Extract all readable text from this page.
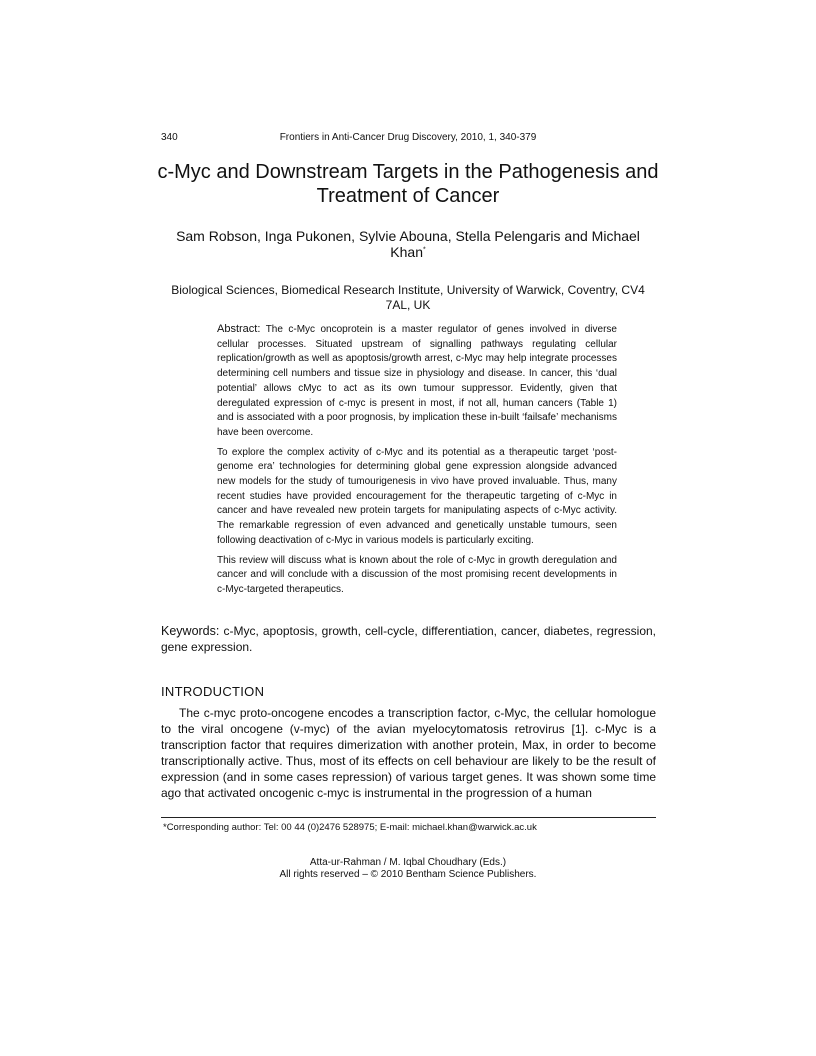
340	Frontiers in Anti-Cancer Drug Discovery, 2010, 1, 340-379
c-Myc and Downstream Targets in the Pathogenesis and Treatment of Cancer
Sam Robson, Inga Pukonen, Sylvie Abouna, Stella Pelengaris and Michael Khan*
Biological Sciences, Biomedical Research Institute, University of Warwick, Coventry, CV4 7AL, UK

Abstract: The c-Myc oncoprotein is a master regulator of genes involved in diverse cellular processes. Situated upstream of signalling pathways regulating cellular replication/growth as well as apoptosis/growth arrest, c-Myc may help integrate processes determining cell numbers and tissue size in physiology and disease. In cancer, this ‘dual potential’ allows cMyc to act as its own tumour suppressor. Evidently, given that deregulated expression of c-myc is present in most, if not all, human cancers (Table 1) and is associated with a poor prognosis, by implication these in-built ‘failsafe’ mechanisms have been overcome.

To explore the complex activity of c-Myc and its potential as a therapeutic target ‘post-genome era’ technologies for determining global gene expression alongside advanced new models for the study of tumourigenesis in vivo have proved invaluable. Thus, many recent studies have provided encouragement for the therapeutic targeting of c-Myc in cancer and have revealed new protein targets for manipulating aspects of c-Myc activity. The remarkable regression of even advanced and genetically unstable tumours, seen following deactivation of c-Myc in various models is particularly exciting.

This review will discuss what is known about the role of c-Myc in growth deregulation and cancer and will conclude with a discussion of the most promising recent developments in c-Myc-targeted therapeutics.

Keywords: c-Myc, apoptosis, growth, cell-cycle, differentiation, cancer, diabetes, regression, gene expression.
INTRODUCTION

The c-myc proto-oncogene encodes a transcription factor, c-Myc, the cellular homologue to the viral oncogene (v-myc) of the avian myelocytomatosis retrovirus [1]. c-Myc is a transcription factor that requires dimerization with another protein, Max, in order to become transcriptionally active. Thus, most of its effects on cell behaviour are likely to be the result of expression (and in some cases repression) of various target genes. It was shown some time ago that activated oncogenic c-myc is instrumental in the progression of a human

*Corresponding author: Tel: 00 44 (0)2476 528975; E-mail: michael.khan@warwick.ac.uk
Atta-ur-Rahman / M. Iqbal Choudhary (Eds.)
All rights reserved – © 2010 Bentham Science Publishers.
